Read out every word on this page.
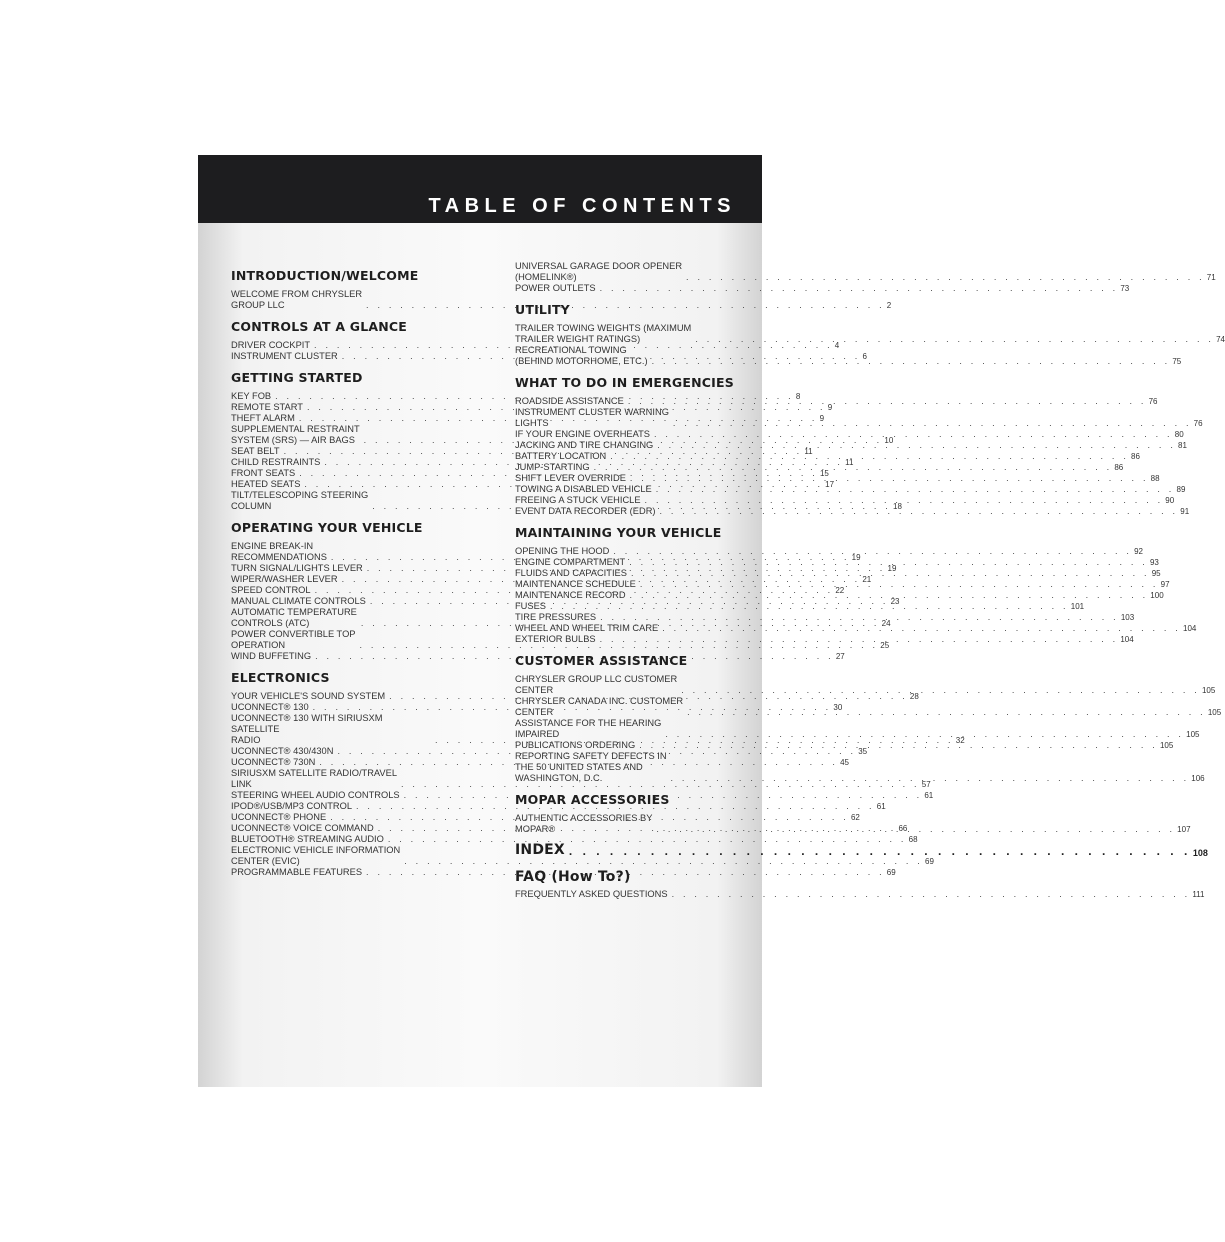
TABLE OF CONTENTS
INTRODUCTION/WELCOME
WELCOME FROM CHRYSLER
GROUP LLC . . .	2
CONTROLS AT A GLANCE
DRIVER COCKPIT . . .	4
INSTRUMENT CLUSTER . . .	6
GETTING STARTED
KEY FOB . . .	8
REMOTE START . . .	9
THEFT ALARM . . .	9
SUPPLEMENTAL RESTRAINT
SYSTEM (SRS) — AIR BAGS . . .	10
SEAT BELT . . .	11
CHILD RESTRAINTS . . .	11
FRONT SEATS . . .	15
HEATED SEATS . . .	17
TILT/TELESCOPING STEERING
COLUMN . . .	18
OPERATING YOUR VEHICLE
ENGINE BREAK-IN
RECOMMENDATIONS . . .	19
TURN SIGNAL/LIGHTS LEVER . . .	19
WIPER/WASHER LEVER . . .	21
SPEED CONTROL . . .	22
MANUAL CLIMATE CONTROLS . . .	23
AUTOMATIC TEMPERATURE
CONTROLS (ATC) . . .	24
POWER CONVERTIBLE TOP
OPERATION . . .	25
WIND BUFFETING . . .	27
ELECTRONICS
YOUR VEHICLE'S SOUND SYSTEM . . .	28
UCONNECT® 130 . . .	30
UCONNECT® 130 WITH SIRIUSXM SATELLITE
RADIO . . .	32
UCONNECT® 430/430N . . .	35
UCONNECT® 730N . . .	45
SIRIUSXM SATELLITE RADIO/TRAVEL
LINK . . .	57
STEERING WHEEL AUDIO CONTROLS . . .	61
IPOD®/USB/MP3 CONTROL . . .	61
UCONNECT® PHONE . . .	62
UCONNECT® VOICE COMMAND . . .	66
BLUETOOTH® STREAMING AUDIO . . .	68
ELECTRONIC VEHICLE INFORMATION
CENTER (EVIC) . . .	69
PROGRAMMABLE FEATURES . . .	69
UNIVERSAL GARAGE DOOR OPENER
(HOMELINK®) . . .	71
POWER OUTLETS . . .	73
UTILITY
TRAILER TOWING WEIGHTS (MAXIMUM
TRAILER WEIGHT RATINGS) . . .	74
RECREATIONAL TOWING
(BEHIND MOTORHOME, ETC.) . . .	75
WHAT TO DO IN EMERGENCIES
ROADSIDE ASSISTANCE . . .	76
INSTRUMENT CLUSTER WARNING
LIGHTS . . .	76
IF YOUR ENGINE OVERHEATS . . .	80
JACKING AND TIRE CHANGING . . .	81
BATTERY LOCATION . . .	86
JUMP-STARTING . . .	86
SHIFT LEVER OVERRIDE . . .	88
TOWING A DISABLED VEHICLE . . .	89
FREEING A STUCK VEHICLE . . .	90
EVENT DATA RECORDER (EDR) . . .	91
MAINTAINING YOUR VEHICLE
OPENING THE HOOD . . .	92
ENGINE COMPARTMENT . . .	93
FLUIDS AND CAPACITIES . . .	95
MAINTENANCE SCHEDULE . . .	97
MAINTENANCE RECORD . . .	100
FUSES . . .	101
TIRE PRESSURES . . .	103
WHEEL AND WHEEL TRIM CARE . . .	104
EXTERIOR BULBS . . .	104
CUSTOMER ASSISTANCE
CHRYSLER GROUP LLC CUSTOMER
CENTER . . .	105
CHRYSLER CANADA INC. CUSTOMER
CENTER . . .	105
ASSISTANCE FOR THE HEARING
IMPAIRED . . .	105
PUBLICATIONS ORDERING . . .	105
REPORTING SAFETY DEFECTS IN
THE 50 UNITED STATES AND
WASHINGTON, D.C. . . .	106
MOPAR ACCESSORIES
AUTHENTIC ACCESSORIES BY
MOPAR® . . .	107
INDEX . . .	108
FAQ (How To?)
FREQUENTLY ASKED QUESTIONS . . .	111
